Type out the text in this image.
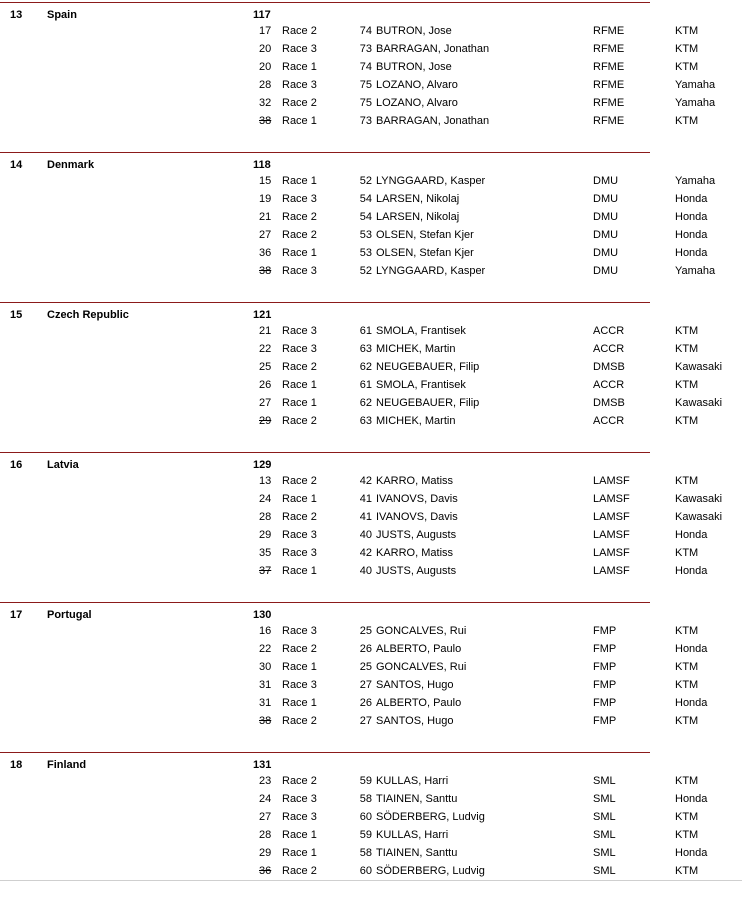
13 Spain	117
17 Race 2	74 BUTRON, Jose	RFME	KTM
20 Race 3	73 BARRAGAN, Jonathan	RFME	KTM
20 Race 1	74 BUTRON, Jose	RFME	KTM
28 Race 3	75 LOZANO, Alvaro	RFME	Yamaha
32 Race 2	75 LOZANO, Alvaro	RFME	Yamaha
38 Race 1	73 BARRAGAN, Jonathan	RFME	KTM
14 Denmark	118
15 Race 1	52 LYNGGAARD, Kasper	DMU	Yamaha
19 Race 3	54 LARSEN, Nikolaj	DMU	Honda
21 Race 2	54 LARSEN, Nikolaj	DMU	Honda
27 Race 2	53 OLSEN, Stefan Kjer	DMU	Honda
36 Race 1	53 OLSEN, Stefan Kjer	DMU	Honda
38 Race 3	52 LYNGGAARD, Kasper	DMU	Yamaha
15 Czech Republic	121
21 Race 3	61 SMOLA, Frantisek	ACCR	KTM
22 Race 3	63 MICHEK, Martin	ACCR	KTM
25 Race 2	62 NEUGEBAUER, Filip	DMSB	Kawasaki
26 Race 1	61 SMOLA, Frantisek	ACCR	KTM
27 Race 1	62 NEUGEBAUER, Filip	DMSB	Kawasaki
29 Race 2	63 MICHEK, Martin	ACCR	KTM
16 Latvia	129
13 Race 2	42 KARRO, Matiss	LAMSF	KTM
24 Race 1	41 IVANOVS, Davis	LAMSF	Kawasaki
28 Race 2	41 IVANOVS, Davis	LAMSF	Kawasaki
29 Race 3	40 JUSTS, Augusts	LAMSF	Honda
35 Race 3	42 KARRO, Matiss	LAMSF	KTM
37 Race 1	40 JUSTS, Augusts	LAMSF	Honda
17 Portugal	130
16 Race 3	25 GONCALVES, Rui	FMP	KTM
22 Race 2	26 ALBERTO, Paulo	FMP	Honda
30 Race 1	25 GONCALVES, Rui	FMP	KTM
31 Race 3	27 SANTOS, Hugo	FMP	KTM
31 Race 1	26 ALBERTO, Paulo	FMP	Honda
38 Race 2	27 SANTOS, Hugo	FMP	KTM
18 Finland	131
23 Race 2	59 KULLAS, Harri	SML	KTM
24 Race 3	58 TIAINEN, Santtu	SML	Honda
27 Race 3	60 SÖDERBERG, Ludvig	SML	KTM
28 Race 1	59 KULLAS, Harri	SML	KTM
29 Race 1	58 TIAINEN, Santtu	SML	Honda
36 Race 2	60 SÖDERBERG, Ludvig	SML	KTM
